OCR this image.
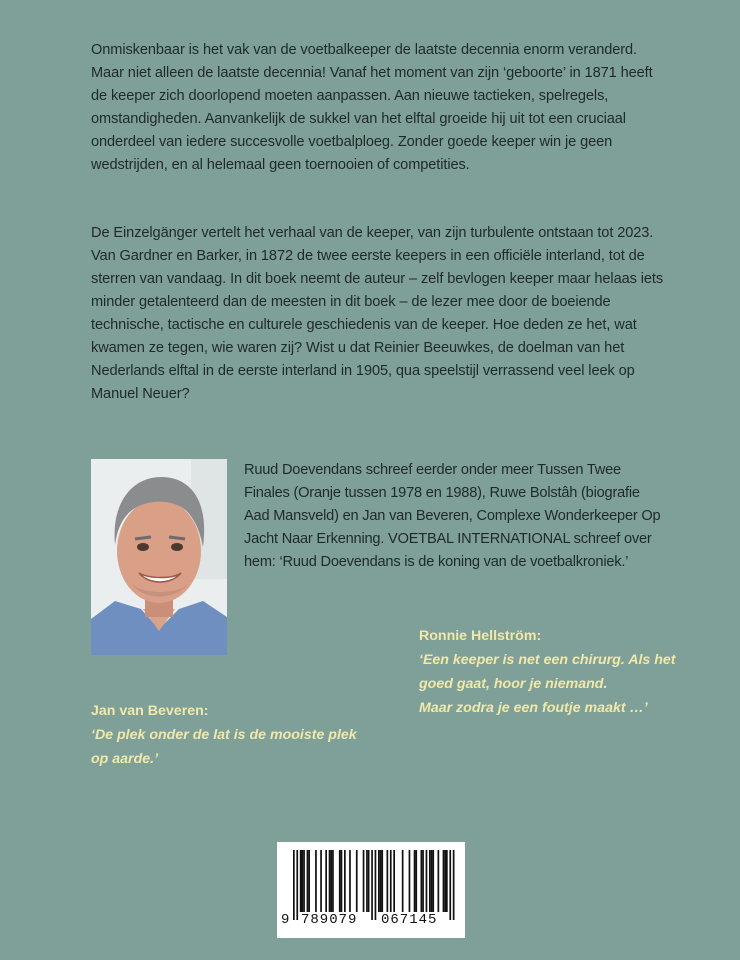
Onmiskenbaar is het vak van de voetbalkeeper de laatste decennia enorm veranderd. Maar niet alleen de laatste decennia! Vanaf het moment van zijn ‘geboorte’ in 1871 heeft de keeper zich doorlopend moeten aanpassen. Aan nieuwe tactieken, spelregels, omstandigheden. Aanvankelijk de sukkel van het elftal groeide hij uit tot een cruciaal onderdeel van iedere succesvolle voetbalploeg. Zonder goede keeper win je geen wedstrijden, en al helemaal geen toernooien of competities.

De Einzelgänger vertelt het verhaal van de keeper, van zijn turbulente ontstaan tot 2023. Van Gardner en Barker, in 1872 de twee eerste keepers in een officiële interland, tot de sterren van vandaag. In dit boek neemt de auteur – zelf bevlogen keeper maar helaas iets minder getalenteerd dan de meesten in dit boek – de lezer mee door de boeiende technische, tactische en culturele geschiedenis van de keeper. Hoe deden ze het, wat kwamen ze tegen, wie waren zij? Wist u dat Reinier Beeuwkes, de doelman van het Nederlands elftal in de eerste interland in 1905, qua speelstijl verrassend veel leek op Manuel Neuer?

Ruud Doevendans schreef eerder onder meer Tussen Twee Finales (Oranje tussen 1978 en 1988), Ruwe Bolstâh (biografie Aad Mansveld) en Jan van Beveren, Complexe Wonderkeeper Op Jacht Naar Erkenning. VOETBAL INTERNATIONAL schreef over hem: ‘Ruud Doevendans is de koning van de voetbalkroniek.’

Ronnie Hellström:
‘Een keeper is net een chirurg. Als het
goed gaat, hoor je niemand.
Maar zodra je een foutje maakt …’
Jan van Beveren:
‘De plek onder de lat is de mooiste plek
op aarde.’
9 789079 067145
